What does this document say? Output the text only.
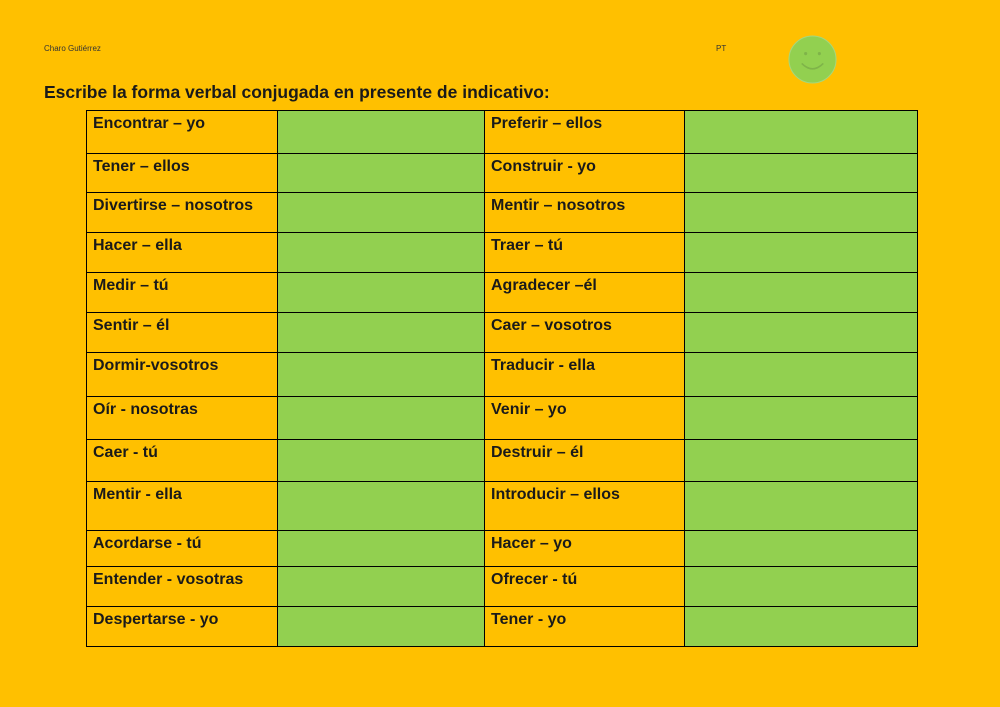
Charo Gutiérrez	PT
Escribe la forma verbal conjugada en presente de indicativo:
Encontrar – yo		Preferir – ellos	

Tener – ellos		Construir - yo	

Divertirse – nosotros		Mentir – nosotros	

Hacer – ella		Traer – tú	

Medir – tú		Agradecer –él	

Sentir – él		Caer – vosotros	

Dormir-vosotros		Traducir - ella	

Oír - nosotras		Venir – yo	

Caer - tú		Destruir – él	

Mentir - ella		Introducir – ellos	

Acordarse - tú		Hacer – yo	

Entender - vosotras		Ofrecer - tú	

Despertarse - yo		Tener - yo	
